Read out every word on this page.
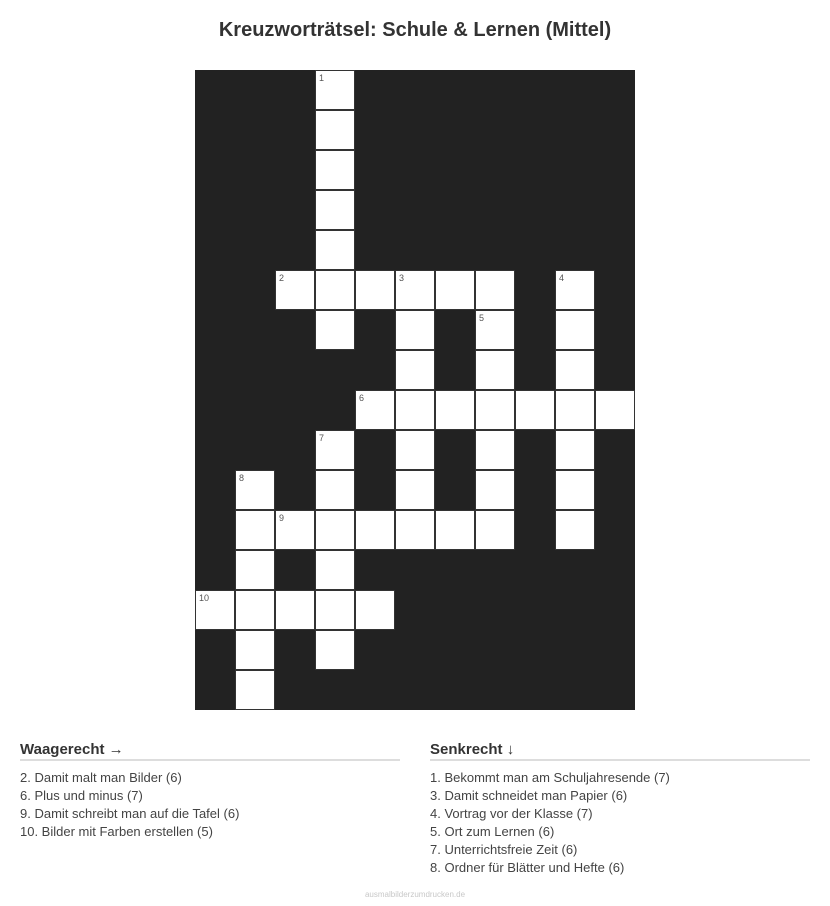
Kreuzworträtsel: Schule & Lernen (Mittel)
1
2	3	4
5
6
7
8
9
10
Waagerecht →
2. Damit malt man Bilder (6)
6. Plus und minus (7)
9. Damit schreibt man auf die Tafel (6)
10. Bilder mit Farben erstellen (5)
Senkrecht ↓
1. Bekommt man am Schuljahresende (7)
3. Damit schneidet man Papier (6)
4. Vortrag vor der Klasse (7)
5. Ort zum Lernen (6)
7. Unterrichtsfreie Zeit (6)
8. Ordner für Blätter und Hefte (6)
ausmalbilderzumdrucken.de
